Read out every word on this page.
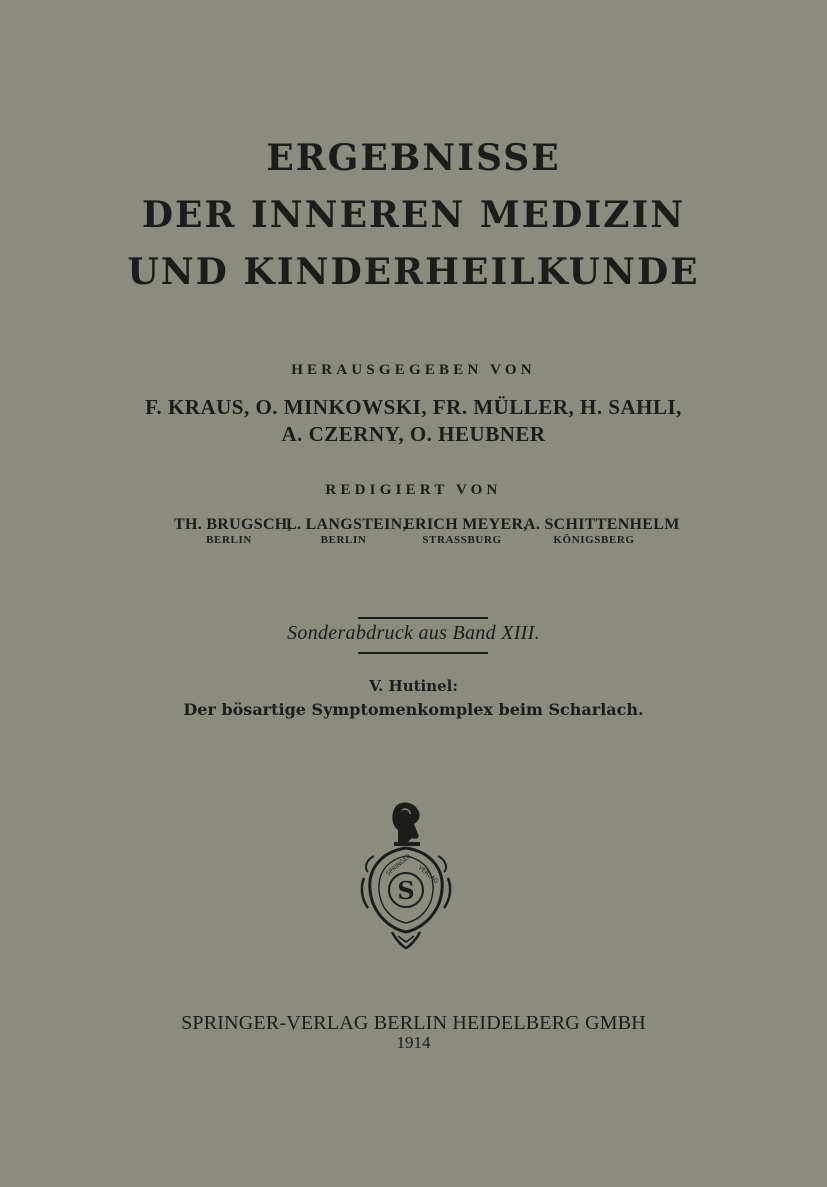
ERGEBNISSE
DER INNEREN MEDIZIN
UND KINDERHEILKUNDE
HERAUSGEGEBEN VON
F. KRAUS, O. MINKOWSKI, FR. MÜLLER, H. SAHLI,
A. CZERNY, O. HEUBNER
REDIGIERT VON
TH. BRUGSCH,
BERLIN
L. LANGSTEIN,
BERLIN
ERICH MEYER,
STRASSBURG
A. SCHITTENHELM
KÖNIGSBERG
Sonderabdruck aus Band XIII.
V. Hutinel:
Der bösartige Symptomenkomplex beim Scharlach.
S
SPRINGER VERLAG
SPRINGER-VERLAG BERLIN HEIDELBERG GMBH
1914
